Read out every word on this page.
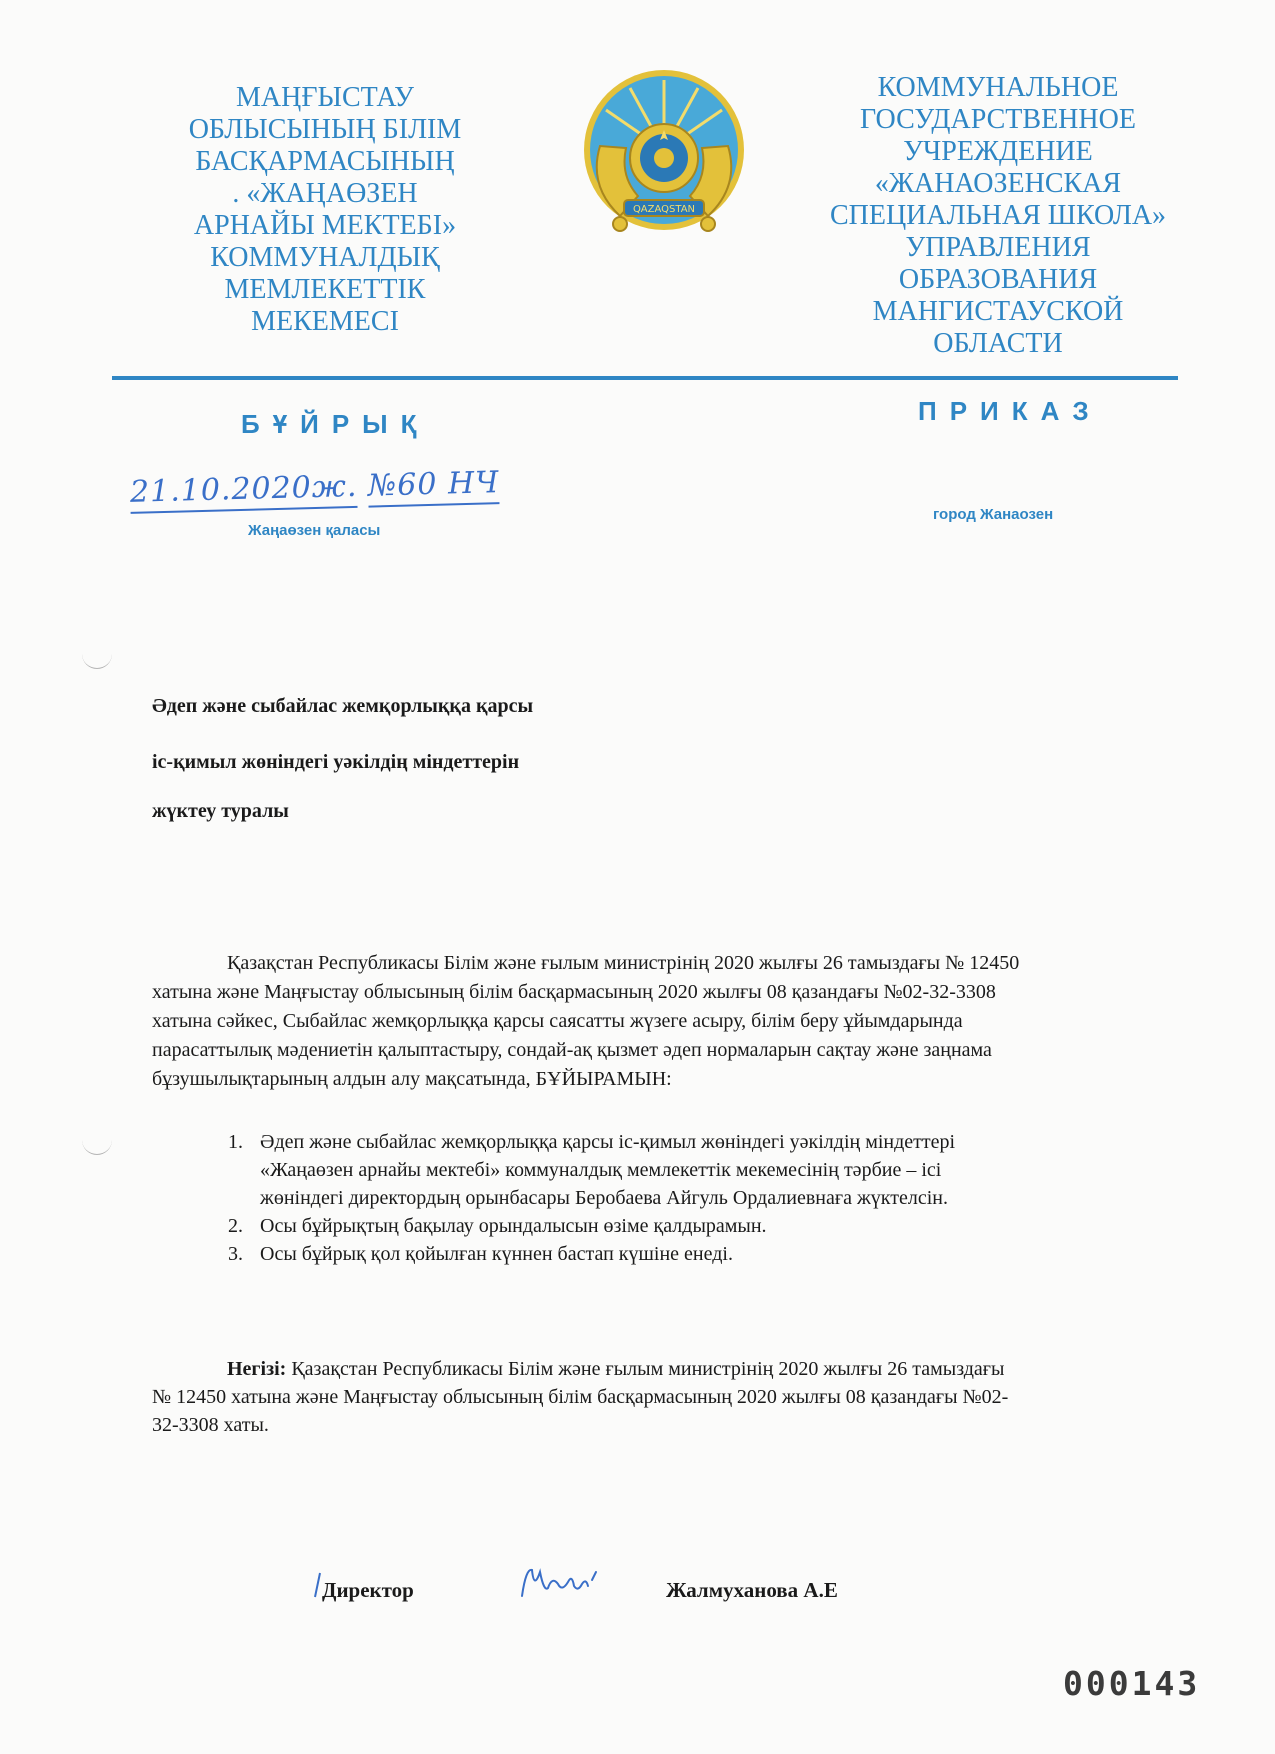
МАҢҒЫСТАУ
ОБЛЫСЫНЫҢ БІЛІМ
БАСҚАРМАСЫНЫҢ
. «ЖАҢАӨЗЕН
АРНАЙЫ МЕКТЕБІ»
КОММУНАЛДЫҚ
МЕМЛЕКЕТТІК
МЕКЕМЕСІ
QAZAQSTAN
КОММУНАЛЬНОЕ
ГОСУДАРСТВЕННОЕ
УЧРЕЖДЕНИЕ
«ЖАНАОЗЕНСКАЯ
СПЕЦИАЛЬНАЯ ШКОЛА»
УПРАВЛЕНИЯ
ОБРАЗОВАНИЯ
МАНГИСТАУСКОЙ
ОБЛАСТИ
БҰЙРЫҚ	ПРИКАЗ
21.10.2020ж. №60 НЧ
Жаңаөзен қаласы
город Жанаозен
Әдеп және сыбайлас жемқорлыққа қарсы
іс-қимыл жөніндегі уәкілдің міндеттерін
жүктеу туралы
Қазақстан Республикасы Білім және ғылым министрінің 2020 жылғы 26 тамыздағы № 12450
хатына және Маңғыстау облысының білім басқармасының 2020 жылғы 08 қазандағы №02-32-3308
хатына сәйкес, Сыбайлас жемқорлыққа қарсы саясатты жүзеге асыру, білім беру ұйымдарында
парасаттылық мәдениетін қалыптастыру, сондай-ақ қызмет әдеп нормаларын сақтау және заңнама
бұзушылықтарының алдын алу мақсатында, БҰЙЫРАМЫН:
1. Әдеп және сыбайлас жемқорлыққа қарсы іс-қимыл жөніндегі уәкілдің міндеттері
«Жаңаөзен арнайы мектебі» коммуналдық мемлекеттік мекемесінің тәрбие – ісі
жөніндегі директордың орынбасары Беробаева Айгуль Ордалиевнаға жүктелсін.
2. Осы бұйрықтың бақылау орындалысын өзіме қалдырамын.
3. Осы бұйрық қол қойылған күннен бастап күшіне енеді.
Негізі: Қазақстан Республикасы Білім және ғылым министрінің 2020 жылғы 26 тамыздағы
№ 12450 хатына және Маңғыстау облысының білім басқармасының 2020 жылғы 08 қазандағы №02-
32-3308 хаты.
Директор	Жалмуханова А.Е
000143
